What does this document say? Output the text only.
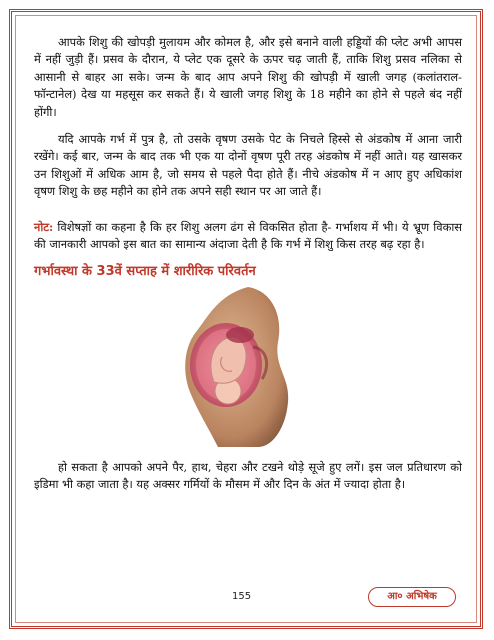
आपके शिशु की खोपड़ी मुलायम और कोमल है, और इसे बनाने वाली हड्डियों की प्लेट अभी आपस में नहीं जुड़ी हैं। प्रसव के दौरान, ये प्लेट एक दूसरे के ऊपर चढ़ जाती हैं, ताकि शिशु प्रसव नलिका से आसानी से बाहर आ सके। जन्म के बाद आप अपने शिशु की खोपड़ी में खाली जगह (कलांतराल-फॉन्टानेल) देख या महसूस कर सकते हैं। ये खाली जगह शिशु के 18 महीने का होने से पहले बंद नहीं होंगी।

यदि आपके गर्भ में पुत्र है, तो उसके वृषण उसके पेट के निचले हिस्से से अंडकोष में आना जारी रखेंगे। कई बार, जन्म के बाद तक भी एक या दोनों वृषण पूरी तरह अंडकोष में नहीं आते। यह खासकर उन शिशुओं में अधिक आम है, जो समय से पहले पैदा होते हैं। नीचे अंडकोष में न आए हुए अधिकांश वृषण शिशु के छह महीने का होने तक अपने सही स्थान पर आ जाते हैं।

नोट: विशेषज्ञों का कहना है कि हर शिशु अलग ढंग से विकसित होता है- गर्भाशय में भी। ये भ्रूण विकास की जानकारी आपको इस बात का सामान्य अंदाजा देती है कि गर्भ में शिशु किस तरह बढ़ रहा है।

गर्भावस्था के 33वें सप्ताह में शारीरिक परिवर्तन

हो सकता है आपको अपने पैर, हाथ, चेहरा और टखने थोड़े सूजे हुए लगें। इस जल प्रतिधारण को इडिमा भी कहा जाता है। यह अक्सर गर्मियों के मौसम में और दिन के अंत में ज्यादा होता है।

155	आ० अभिषेक
